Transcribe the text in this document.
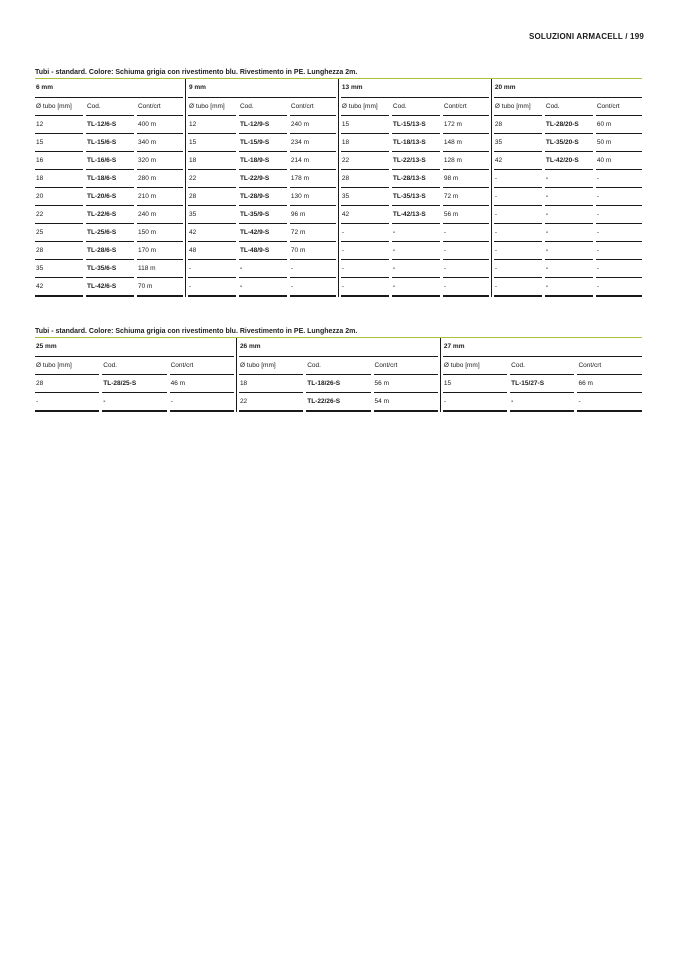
SOLUZIONI ARMACELL / 199
Tubi - standard. Colore: Schiuma grigia con rivestimento blu. Rivestimento in PE. Lunghezza 2m.
6 mm							9 mm							13 mm							20 mm				
Ø tubo [mm]		Cod.		Cont/crt				Ø tubo [mm]		Cod.		Cont/crt				Ø tubo [mm]		Cod.		Cont/crt				Ø tubo [mm]		Cod.		Cont/crt
12		TL-12/6-S		400 m				12		TL-12/9-S		240 m				15		TL-15/13-S		172 m				28		TL-28/20-S		60 m
15		TL-15/6-S		340 m				15		TL-15/9-S		234 m				18		TL-18/13-S		148 m				35		TL-35/20-S		50 m
16		TL-16/6-S		320 m				18		TL-18/9-S		214 m				22		TL-22/13-S		128 m				42		TL-42/20-S		40 m
18		TL-18/6-S		280 m				22		TL-22/9-S		178 m				28		TL-28/13-S		98 m				-		-		-
20		TL-20/6-S		210 m				28		TL-28/9-S		130 m				35		TL-35/13-S		72 m				-		-		-
22		TL-22/6-S		240 m				35		TL-35/9-S		96 m				42		TL-42/13-S		56 m				-		-		-
25		TL-25/6-S		150 m				42		TL-42/9-S		72 m				-		-		-				-		-		-
28		TL-28/6-S		170 m				48		TL-48/9-S		70 m				-		-		-				-		-		-
35		TL-35/6-S		118 m				-		-		-				-		-		-				-		-		-
42		TL-42/6-S		70 m				-		-		-				-		-		-				-		-		-
Tubi - standard. Colore: Schiuma grigia con rivestimento blu. Rivestimento in PE. Lunghezza 2m.
25 mm							26 mm							27 mm				
Ø tubo [mm]		Cod.		Cont/crt				Ø tubo [mm]		Cod.		Cont/crt				Ø tubo [mm]		Cod.		Cont/crt
28		TL-28/25-S		46 m				18		TL-18/26-S		56 m				15		TL-15/27-S		66 m
-		-		-				22		TL-22/26-S		54 m				-		-		-
